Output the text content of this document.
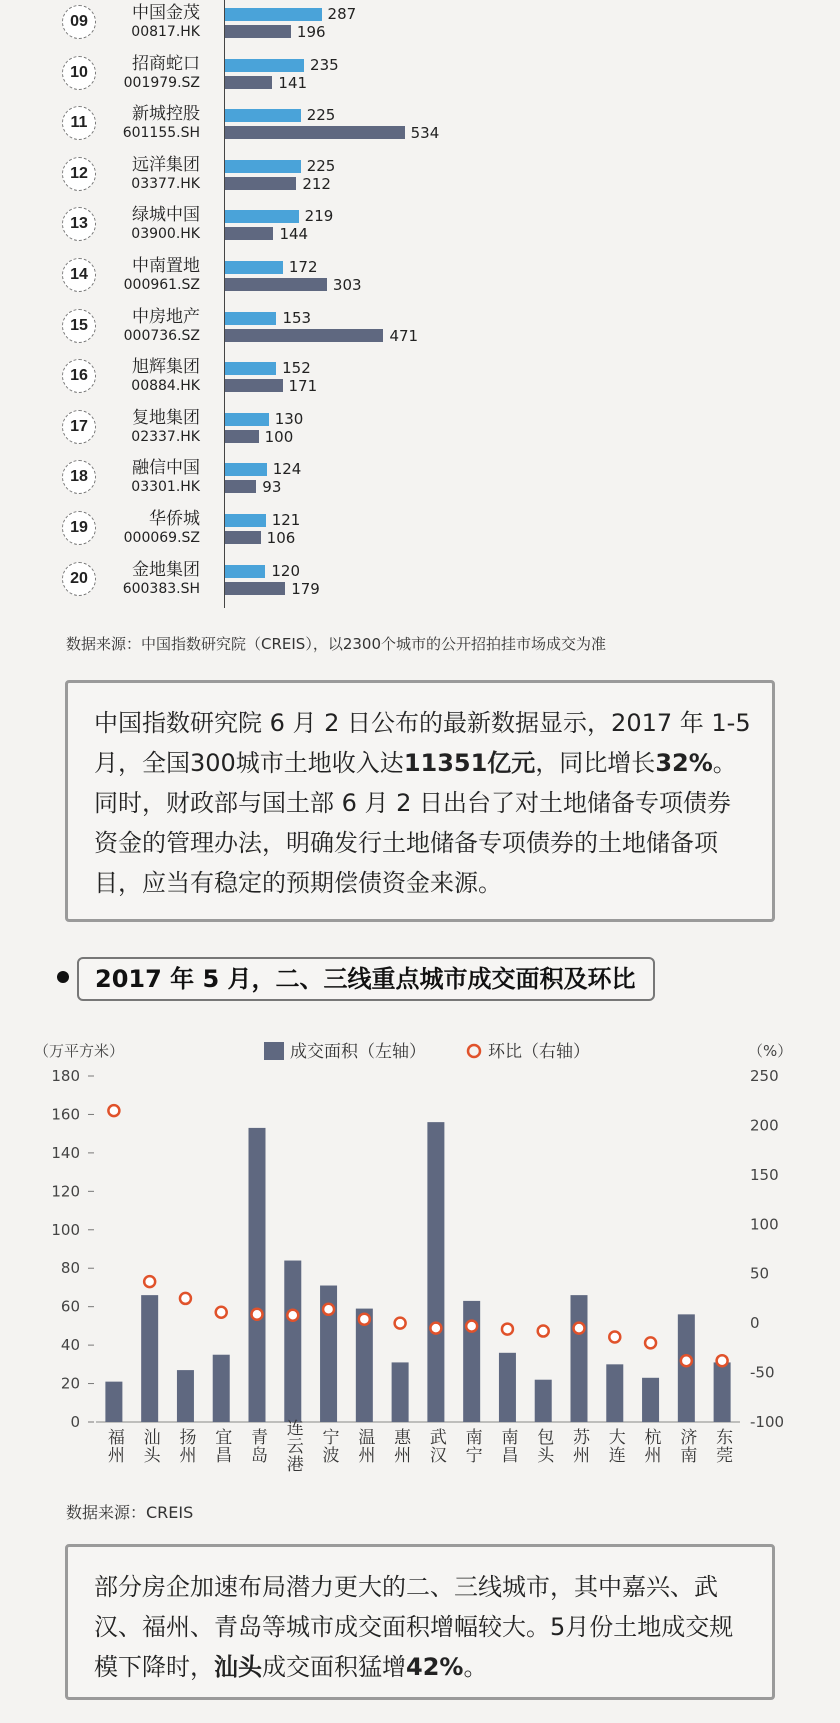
09	中国金茂
00817.HK
287
196
10	招商蛇口
001979.SZ
235
141
11	新城控股
601155.SH
225
534
12	远洋集团
03377.HK
225
212
13	绿城中国
03900.HK
219
144
14	中南置地
000961.SZ
172
303
15	中房地产
000736.SZ
153
471
16	旭辉集团
00884.HK
152
171
17	复地集团
02337.HK
130
100
18	融信中国
03301.HK
124
93
19	华侨城
000069.SZ
121
106
20	金地集团
600383.SH
120
179
数据来源：中国指数研究院（CREIS），以2300个城市的公开招拍挂市场成交为准

中国指数研究院 6 月 2 日公布的最新数据显示，2017 年 1-5 月，全国300城市土地收入达11351亿元，同比增长32%。同时，财政部与国土部 6 月 2 日出台了对土地储备专项债券资金的管理办法，明确发行土地储备专项债券的土地储备项目，应当有稳定的预期偿债资金来源。

2017 年 5 月，二、三线重点城市成交面积及环比
（万平方米）	（%）
成交面积（左轴）	环比（右轴）
0
20
40
60
80
100
120
140
160
180
-100
-50
0
50
100
150
200
250
福州 汕头 扬州 宜昌 青岛 连云港 宁波 温州 惠州 武汉 南宁 南昌 包头 苏州 大连 杭州 济南 东莞
数据来源：CREIS

部分房企加速布局潜力更大的二、三线城市，其中嘉兴、武汉、福州、青岛等城市成交面积增幅较大。5月份土地成交规模下降时，汕头成交面积猛增42%。
